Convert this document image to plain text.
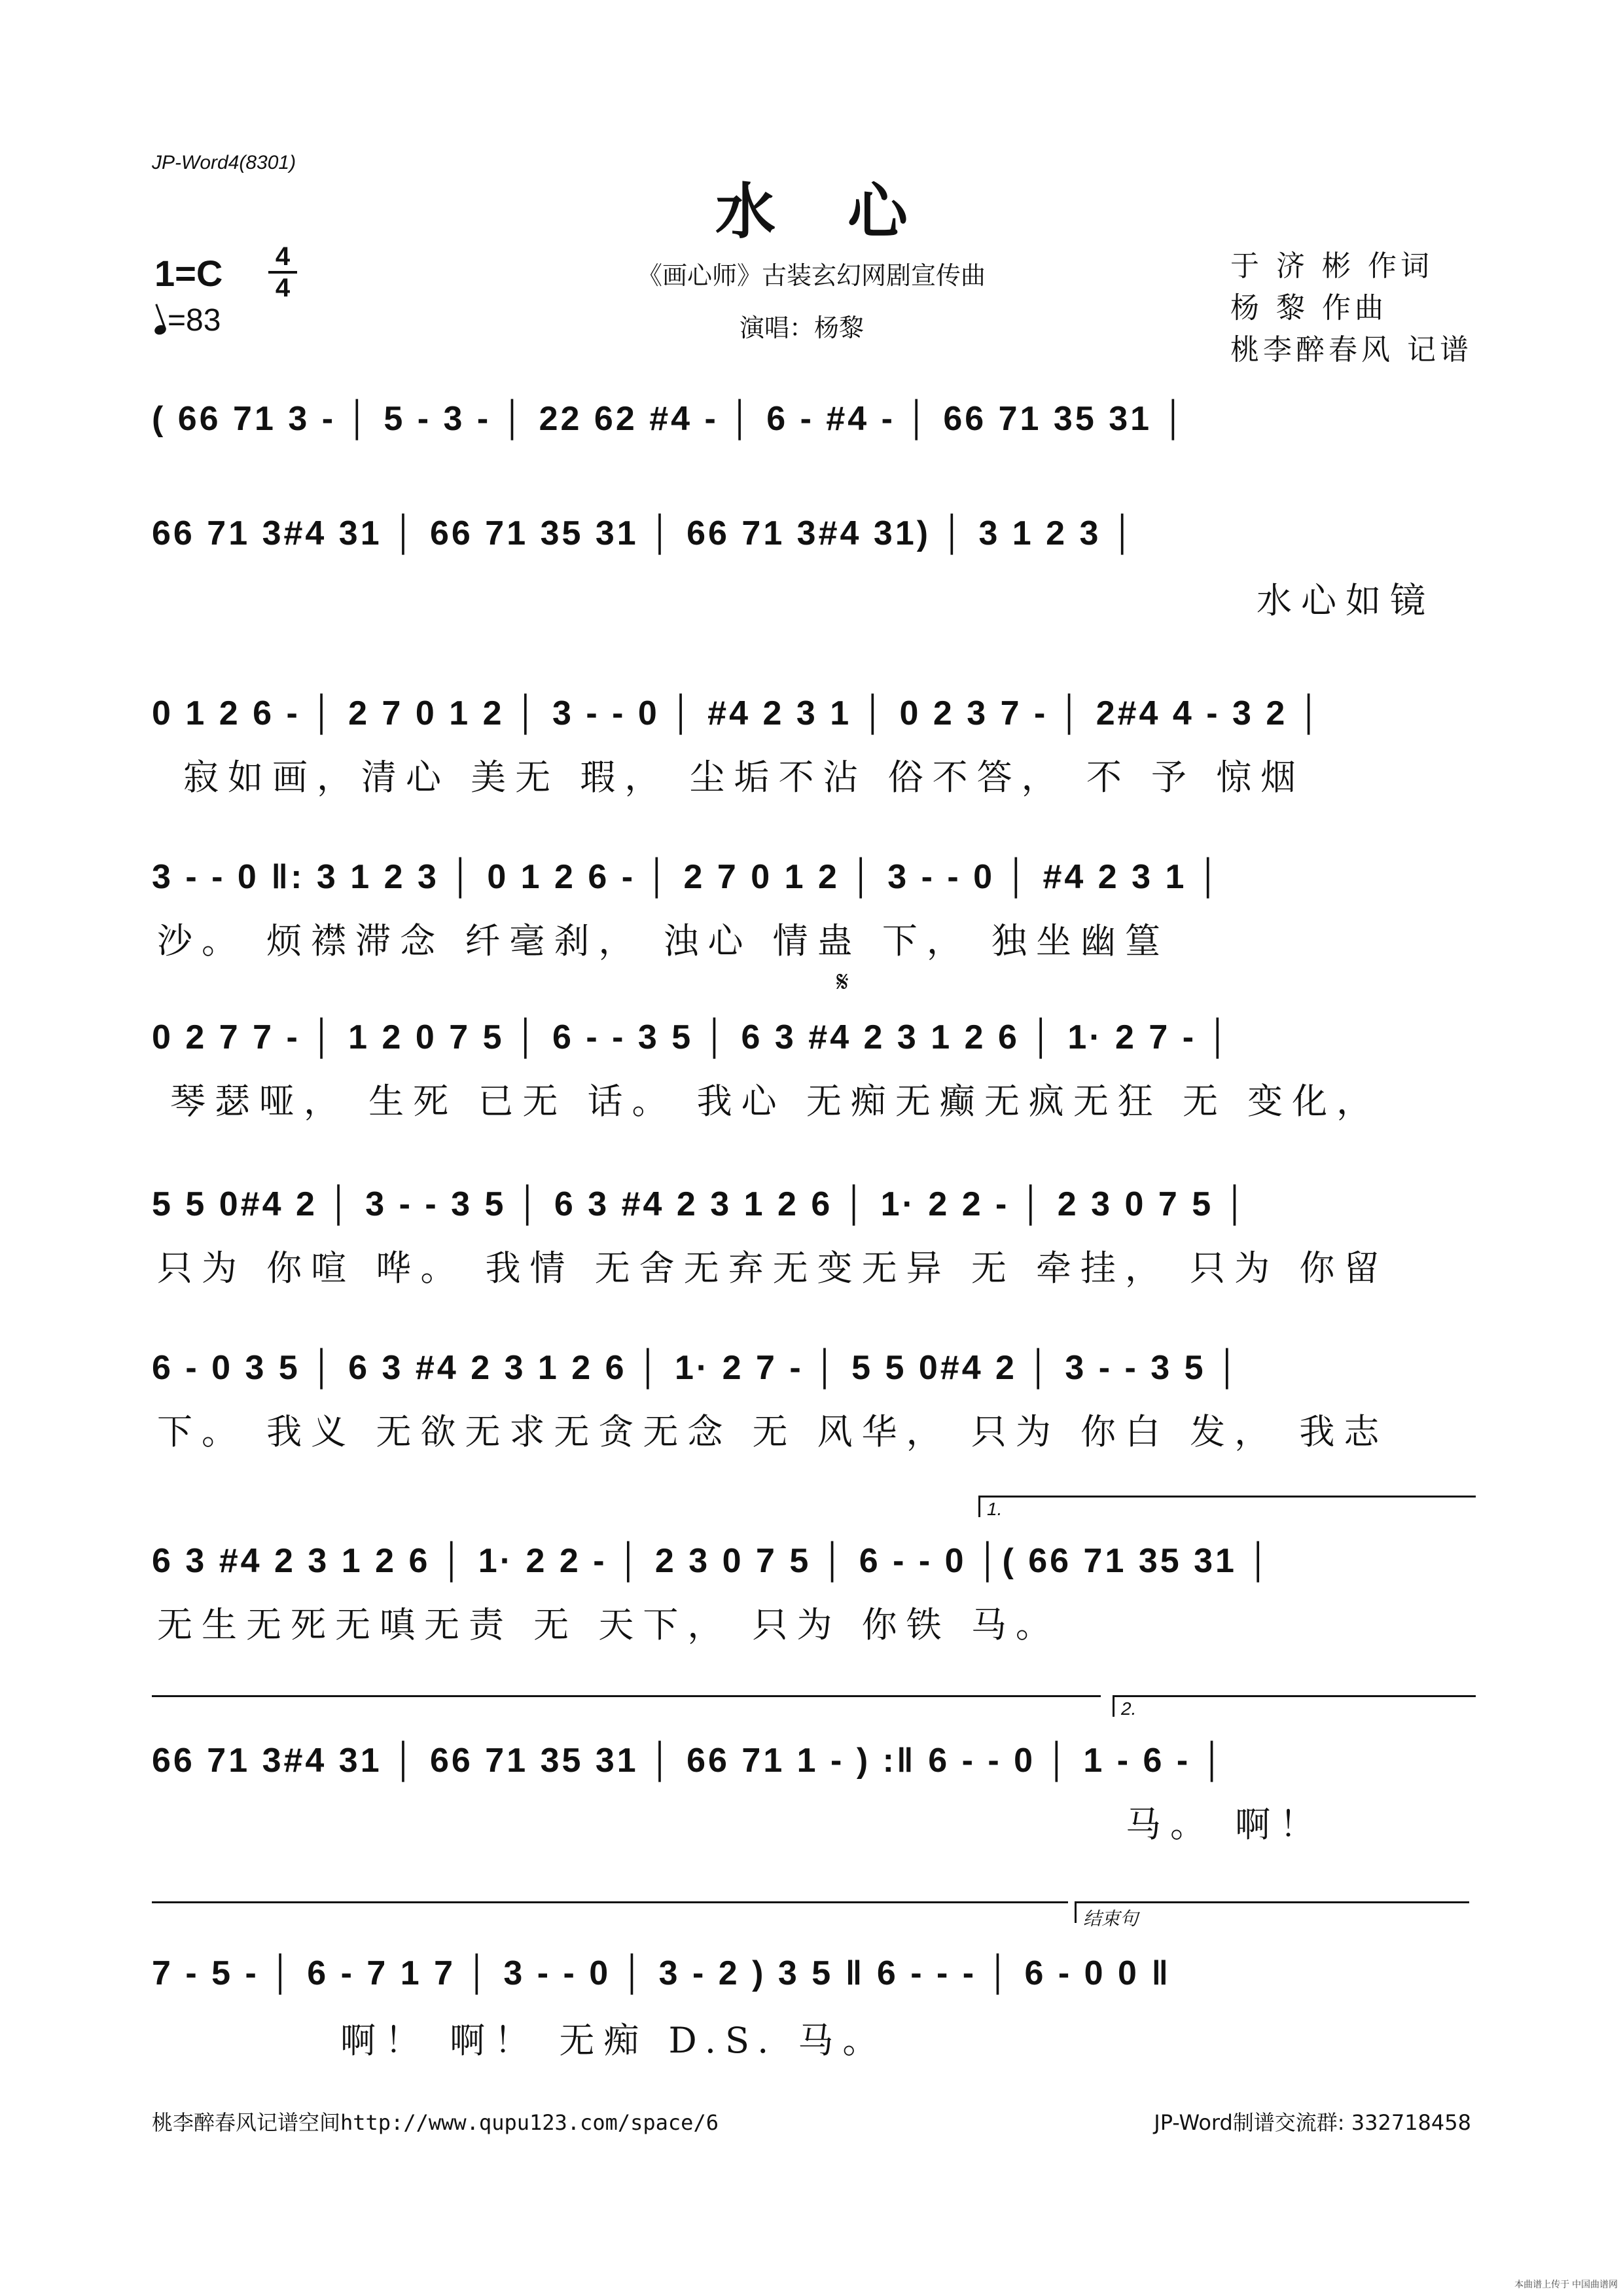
JP-Word4(8301)
水心
1=C 4
4
=83
《画心师》古装玄幻网剧宣传曲
演唱：杨黎
于 济 彬 作词
杨 黎 作曲
桃李醉春风 记谱
( 66 71 3 - │ 5 - 3 - │ 22 62 #4 - │ 6 - #4 - │ 66 71 35 31 │
66 71 3#4 31 │ 66 71 35 31 │ 66 71 3#4 31) │ 3 1 2 3 │
水心如镜
0 1 2 6 - │ 2 7 0 1 2 │ 3 - - 0 │ #4 2 3 1 │ 0 2 3 7 - │ 2#4 4 - 3 2 │
寂如画，清心 美无 瑕， 尘垢不沾 俗不答， 不 予 惊烟
3 - - 0 ‖: 3 1 2 3 │ 0 1 2 6 - │ 2 7 0 1 2 │ 3 - - 0 │ #4 2 3 1 │
沙。 烦襟滞念 纤毫刹， 浊心 情蛊 下， 独坐幽篁
𝄋
0 2 7 7 - │ 1 2 0 7 5 │ 6 - - 3 5 │ 6 3 #4 2 3 1 2 6 │ 1· 2 7 - │
琴瑟哑， 生死 已无 话。 我心 无痴无癫无疯无狂 无 变化，
5 5 0#4 2 │ 3 - - 3 5 │ 6 3 #4 2 3 1 2 6 │ 1· 2 2 - │ 2 3 0 7 5 │
只为 你喧 哗。 我情 无舍无弃无变无异 无 牵挂， 只为 你留
6 - 0 3 5 │ 6 3 #4 2 3 1 2 6 │ 1· 2 7 - │ 5 5 0#4 2 │ 3 - - 3 5 │
下。 我义 无欲无求无贪无念 无 风华， 只为 你白 发， 我志
1.
6 3 #4 2 3 1 2 6 │ 1· 2 2 - │ 2 3 0 7 5 │ 6 - - 0 │( 66 71 35 31 │
无生无死无嗔无责 无 天下， 只为 你铁 马。
2.
66 71 3#4 31 │ 66 71 35 31 │ 66 71 1 - ) :‖ 6 - - 0 │ 1 - 6 - │
马。 啊！
结束句
7 - 5 - │ 6 - 7 1 7 │ 3 - - 0 │ 3 - 2 ) 3 5 ‖ 6 - - - │ 6 - 0 0 ‖
啊！ 啊！ 无痴 D.S. 马。
桃李醉春风记谱空间http://www.qupu123.com/space/6	JP-Word制谱交流群: 332718458
本曲谱上传于 中国曲谱网
